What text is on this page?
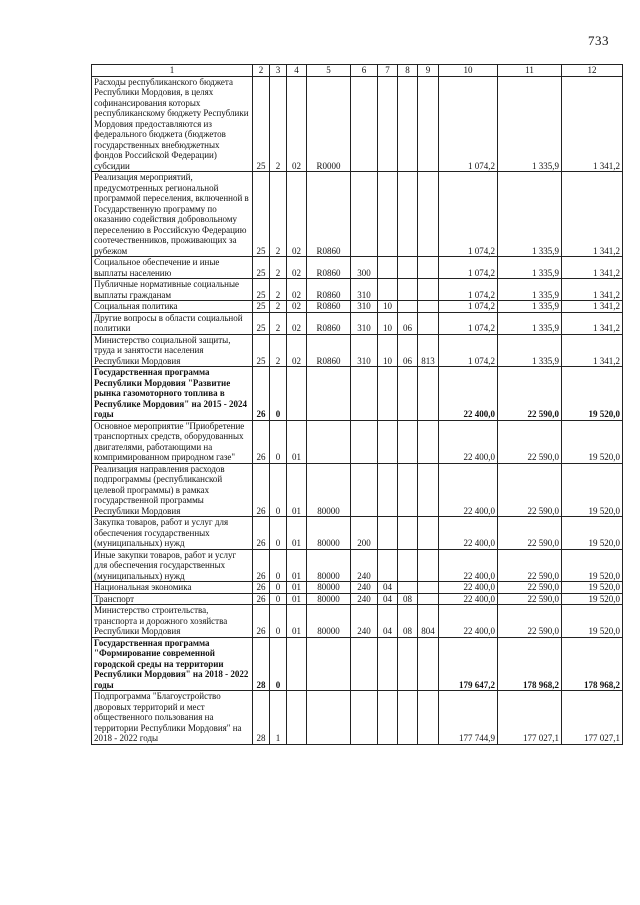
733
1	2	3	4	5	6	7	8	9	10	11	12
Расходы республиканского бюджета Республики Мордовия, в целях софинансирования которых республиканскому бюджету Республики Мордовия предоставляются из федерального бюджета (бюджетов государственных внебюджетных фондов Российской Федерации) субсидии	25	2	02	R0000					1 074,2	1 335,9	1 341,2
Реализация мероприятий, предусмотренных региональной программой переселения, включенной в Государственную программу по оказанию содействия добровольному переселению в Российскую Федерацию соотечественников, проживающих за рубежом	25	2	02	R0860					1 074,2	1 335,9	1 341,2
Социальное обеспечение и иные выплаты населению	25	2	02	R0860	300				1 074,2	1 335,9	1 341,2
Публичные нормативные социальные выплаты гражданам	25	2	02	R0860	310				1 074,2	1 335,9	1 341,2
Социальная политика	25	2	02	R0860	310	10			1 074,2	1 335,9	1 341,2
Другие вопросы в области социальной политики	25	2	02	R0860	310	10	06		1 074,2	1 335,9	1 341,2
Министерство социальной защиты, труда и занятости населения Республики Мордовия	25	2	02	R0860	310	10	06	813	1 074,2	1 335,9	1 341,2
Государственная программа Республики Мордовия "Развитие рынка газомоторного топлива в Республике Мордовия" на 2015 - 2024 годы	26	0							22 400,0	22 590,0	19 520,0
Основное мероприятие "Приобретение транспортных средств, оборудованных двигателями, работающими на компримированном природном газе"	26	0	01						22 400,0	22 590,0	19 520,0
Реализация направления расходов подпрограммы (республиканской целевой программы) в рамках государственной программы Республики Мордовия	26	0	01	80000					22 400,0	22 590,0	19 520,0
Закупка товаров, работ и услуг для обеспечения государственных (муниципальных) нужд	26	0	01	80000	200				22 400,0	22 590,0	19 520,0
Иные закупки товаров, работ и услуг для обеспечения государственных (муниципальных) нужд	26	0	01	80000	240				22 400,0	22 590,0	19 520,0
Национальная экономика	26	0	01	80000	240	04			22 400,0	22 590,0	19 520,0
Транспорт	26	0	01	80000	240	04	08		22 400,0	22 590,0	19 520,0
Министерство строительства, транспорта и дорожного хозяйства Республики Мордовия	26	0	01	80000	240	04	08	804	22 400,0	22 590,0	19 520,0
Государственная программа "Формирование современной городской среды на территории Республики Мордовия" на 2018 - 2022 годы	28	0							179 647,2	178 968,2	178 968,2
Подпрограмма "Благоустройство дворовых территорий и мест общественного пользования на территории Республики Мордовия" на 2018 - 2022 годы	28	1							177 744,9	177 027,1	177 027,1
